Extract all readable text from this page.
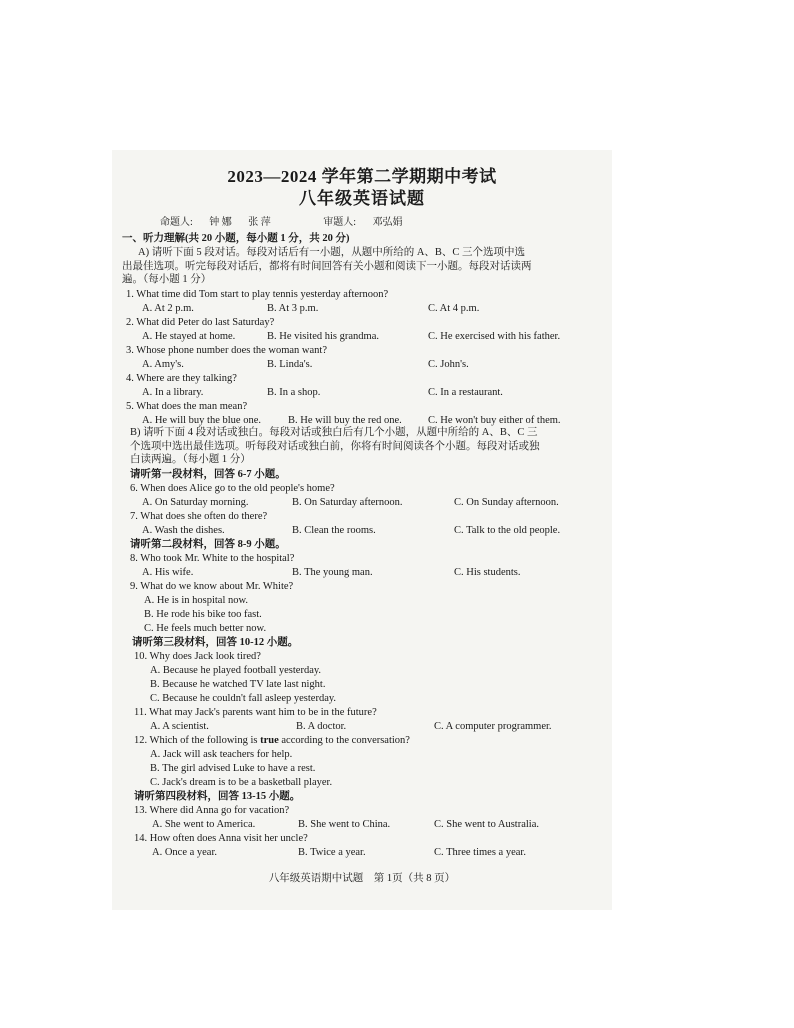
2023—2024 学年第二学期期中考试
八年级英语试题
命题人: 钟 娜 张 萍	审题人: 邓弘娟
一、听力理解(共 20 小题，每小题 1 分，共 20 分)
A) 请听下面 5 段对话。每段对话后有一小题，从题中所给的 A、B、C 三个选项中选
出最佳选项。听完每段对话后，都将有时间回答有关小题和阅读下一小题。每段对话读两
遍。（每小题 1 分）
1. What time did Tom start to play tennis yesterday afternoon?
A. At 2 p.m.	B. At 3 p.m.	C. At 4 p.m.
2. What did Peter do last Saturday?
A. He stayed at home.	B. He visited his grandma.	C. He exercised with his father.
3. Whose phone number does the woman want?
A. Amy's.	B. Linda's.	C. John's.
4. Where are they talking?
A. In a library.	B. In a shop.	C. In a restaurant.
5. What does the man mean?
A. He will buy the blue one.	B. He will buy the red one.	C. He won't buy either of them.
B) 请听下面 4 段对话或独白。每段对话或独白后有几个小题，从题中所给的 A、B、C 三
个选项中选出最佳选项。听每段对话或独白前，你将有时间阅读各个小题。每段对话或独
白读两遍。（每小题 1 分）
请听第一段材料，回答 6-7 小题。
6. When does Alice go to the old people's home?
A. On Saturday morning.	B. On Saturday afternoon.	C. On Sunday afternoon.
7. What does she often do there?
A. Wash the dishes.	B. Clean the rooms.	C. Talk to the old people.
请听第二段材料，回答 8-9 小题。
8. Who took Mr. White to the hospital?
A. His wife.	B. The young man.	C. His students.
9. What do we know about Mr. White?
A. He is in hospital now.
B. He rode his bike too fast.
C. He feels much better now.
请听第三段材料，回答 10-12 小题。
10. Why does Jack look tired?
A. Because he played football yesterday.
B. Because he watched TV late last night.
C. Because he couldn't fall asleep yesterday.
11. What may Jack's parents want him to be in the future?
A. A scientist.	B. A doctor.	C. A computer programmer.
12. Which of the following is true according to the conversation?
A. Jack will ask teachers for help.
B. The girl advised Luke to have a rest.
C. Jack's dream is to be a basketball player.
请听第四段材料，回答 13-15 小题。
13. Where did Anna go for vacation?
A. She went to America.	B. She went to China.	C. She went to Australia.
14. How often does Anna visit her uncle?
A. Once a year.	B. Twice a year.	C. Three times a year.
八年级英语期中试题　第 1页（共 8 页）
